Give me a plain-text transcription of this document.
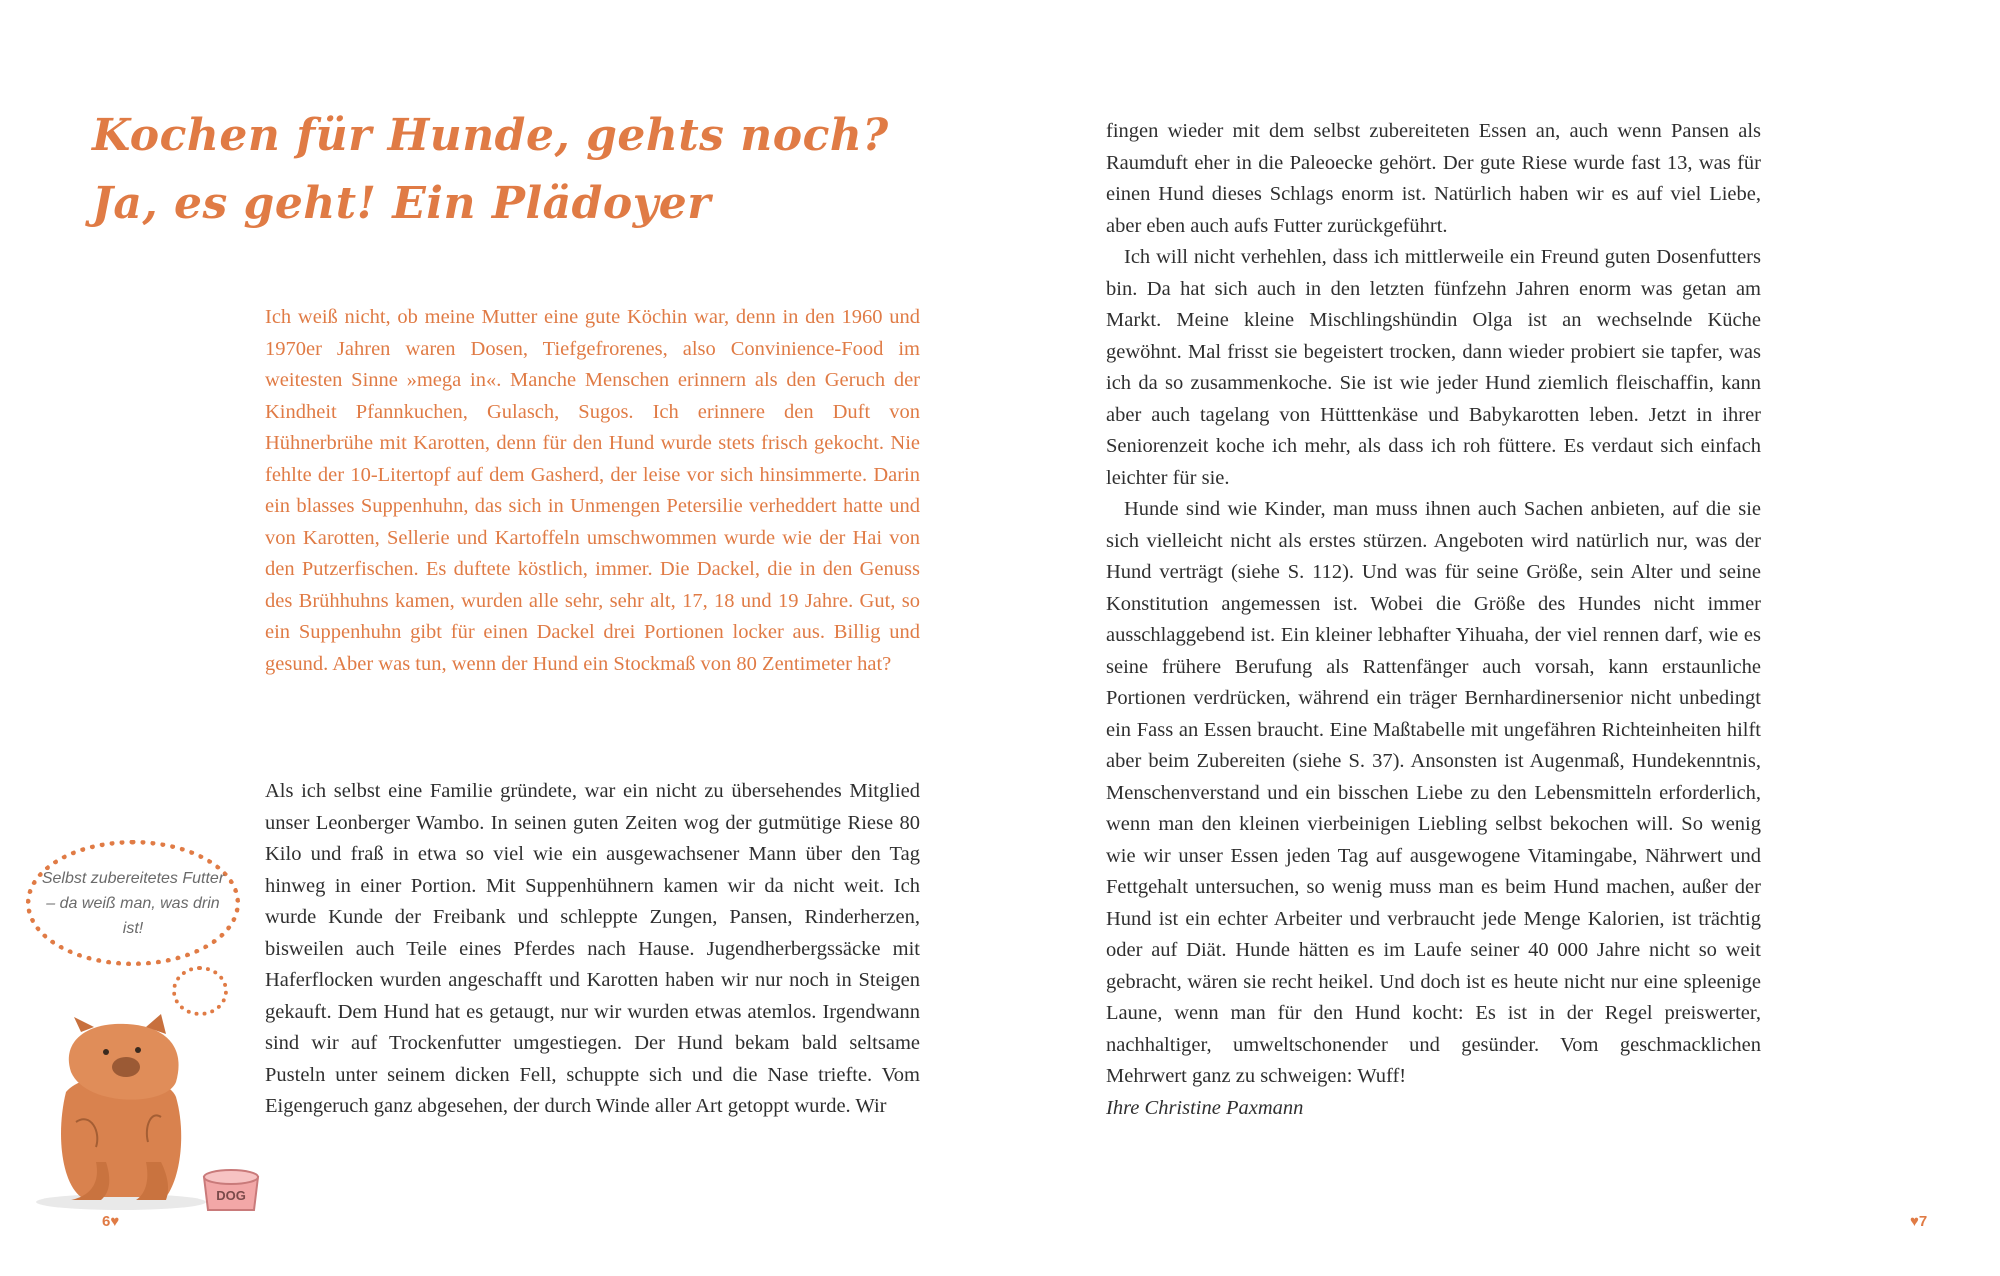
Kochen für Hunde, gehts noch?
Ja, es geht! Ein Plädoyer

Ich weiß nicht, ob meine Mutter eine gute Köchin war, denn in den 1960 und 1970er Jahren waren Dosen, Tiefgefrorenes, also Convinience-Food im weitesten Sinne »mega in«. Manche Menschen erinnern als den Geruch der Kindheit Pfannkuchen, Gulasch, Sugos. Ich erinnere den Duft von Hühnerbrühe mit Karotten, denn für den Hund wurde stets frisch gekocht. Nie fehlte der 10-Litertopf auf dem Gasherd, der leise vor sich hinsimmerte. Darin ein blasses Suppenhuhn, das sich in Unmengen Petersilie verheddert hatte und von Karotten, Sellerie und Kartoffeln umschwommen wurde wie der Hai von den Putzerfischen. Es duftete köstlich, immer. Die Dackel, die in den Genuss des Brühhuhns kamen, wurden alle sehr, sehr alt, 17, 18 und 19 Jahre. Gut, so ein Suppenhuhn gibt für einen Dackel drei Portionen locker aus. Billig und gesund. Aber was tun, wenn der Hund ein Stockmaß von 80 Zentimeter hat?

Als ich selbst eine Familie gründete, war ein nicht zu übersehendes Mitglied unser Leonberger Wambo. In seinen guten Zeiten wog der gutmütige Riese 80 Kilo und fraß in etwa so viel wie ein ausgewachsener Mann über den Tag hinweg in einer Portion. Mit Suppenhühnern kamen wir da nicht weit. Ich wurde Kunde der Freibank und schleppte Zungen, Pansen, Rinderherzen, bisweilen auch Teile eines Pferdes nach Hause. Jugendherbergssäcke mit Haferflocken wurden angeschafft und Karotten haben wir nur noch in Steigen gekauft. Dem Hund hat es getaugt, nur wir wurden etwas atemlos. Irgendwann sind wir auf Trockenfutter umgestiegen. Der Hund bekam bald seltsame Pusteln unter seinem dicken Fell, schuppte sich und die Nase triefte. Vom Eigengeruch ganz abgesehen, der durch Winde aller Art getoppt wurde. Wir

Selbst zubereitetes Futter – da weiß man, was drin ist!
DOG
6♥

fingen wieder mit dem selbst zubereiteten Essen an, auch wenn Pansen als Raumduft eher in die Paleoecke gehört. Der gute Riese wurde fast 13, was für einen Hund dieses Schlags enorm ist. Natürlich haben wir es auf viel Liebe, aber eben auch aufs Futter zurückgeführt.

Ich will nicht verhehlen, dass ich mittlerweile ein Freund guten Dosenfutters bin. Da hat sich auch in den letzten fünfzehn Jahren enorm was getan am Markt. Meine kleine Mischlingshündin Olga ist an wechselnde Küche gewöhnt. Mal frisst sie begeistert trocken, dann wieder probiert sie tapfer, was ich da so zusammenkoche. Sie ist wie jeder Hund ziemlich fleischaffin, kann aber auch tagelang von Hütttenkäse und Babykarotten leben. Jetzt in ihrer Seniorenzeit koche ich mehr, als dass ich roh füttere. Es verdaut sich einfach leichter für sie.

Hunde sind wie Kinder, man muss ihnen auch Sachen anbieten, auf die sie sich vielleicht nicht als erstes stürzen. Angeboten wird natürlich nur, was der Hund verträgt (siehe S. 112). Und was für seine Größe, sein Alter und seine Konstitution angemessen ist. Wobei die Größe des Hundes nicht immer ausschlaggebend ist. Ein kleiner lebhafter Yihuaha, der viel rennen darf, wie es seine frühere Berufung als Rattenfänger auch vorsah, kann erstaunliche Portionen verdrücken, während ein träger Bernhardinersenior nicht unbedingt ein Fass an Essen braucht. Eine Maßtabelle mit ungefähren Richteinheiten hilft aber beim Zubereiten (siehe S. 37). Ansonsten ist Augenmaß, Hundekenntnis, Menschenverstand und ein bisschen Liebe zu den Lebensmitteln erforderlich, wenn man den kleinen vierbeinigen Liebling selbst bekochen will. So wenig wie wir unser Essen jeden Tag auf ausgewogene Vitamingabe, Nährwert und Fettgehalt untersuchen, so wenig muss man es beim Hund machen, außer der Hund ist ein echter Arbeiter und verbraucht jede Menge Kalorien, ist trächtig oder auf Diät. Hunde hätten es im Laufe seiner 40 000 Jahre nicht so weit gebracht, wären sie recht heikel. Und doch ist es heute nicht nur eine spleenige Laune, wenn man für den Hund kocht: Es ist in der Regel preiswerter, nachhaltiger, umweltschonender und gesünder. Vom geschmacklichen Mehrwert ganz zu schweigen: Wuff!

Ihre Christine Paxmann

♥7
